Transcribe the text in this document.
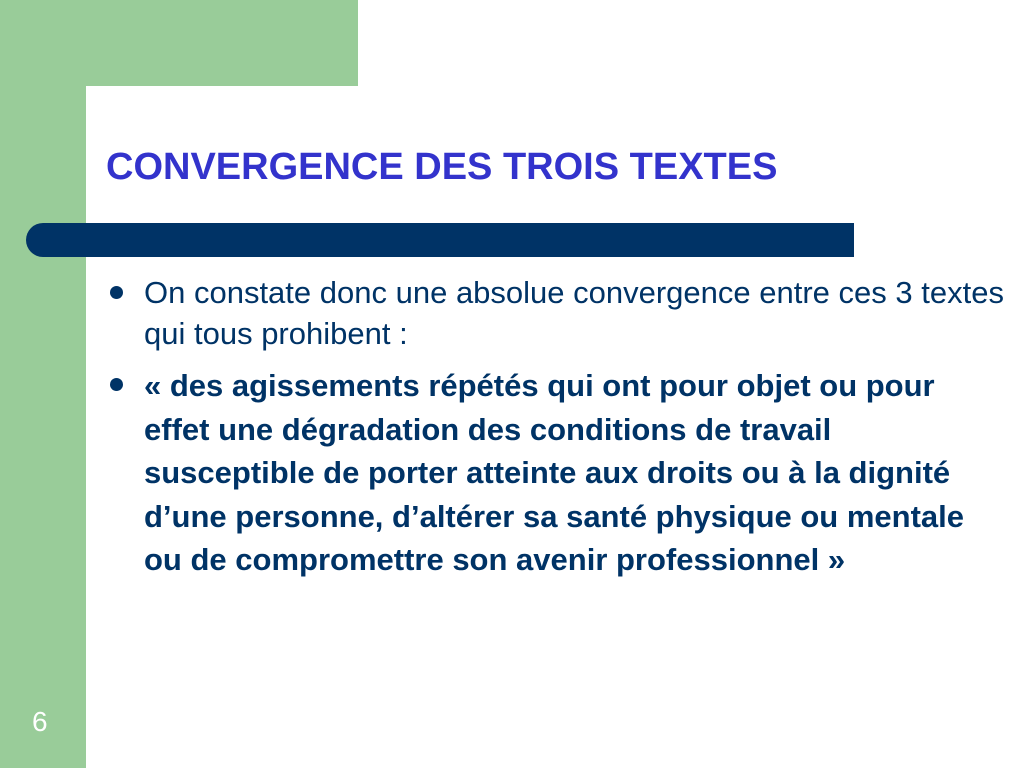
CONVERGENCE DES TROIS TEXTES
On constate donc une absolue convergence entre ces 3 textes qui tous prohibent :
« des agissements répétés qui ont pour objet ou pour effet une dégradation des conditions de travail susceptible de porter atteinte aux droits ou à la dignité d’une personne, d’altérer sa santé physique ou mentale ou de compromettre son avenir professionnel »
6
